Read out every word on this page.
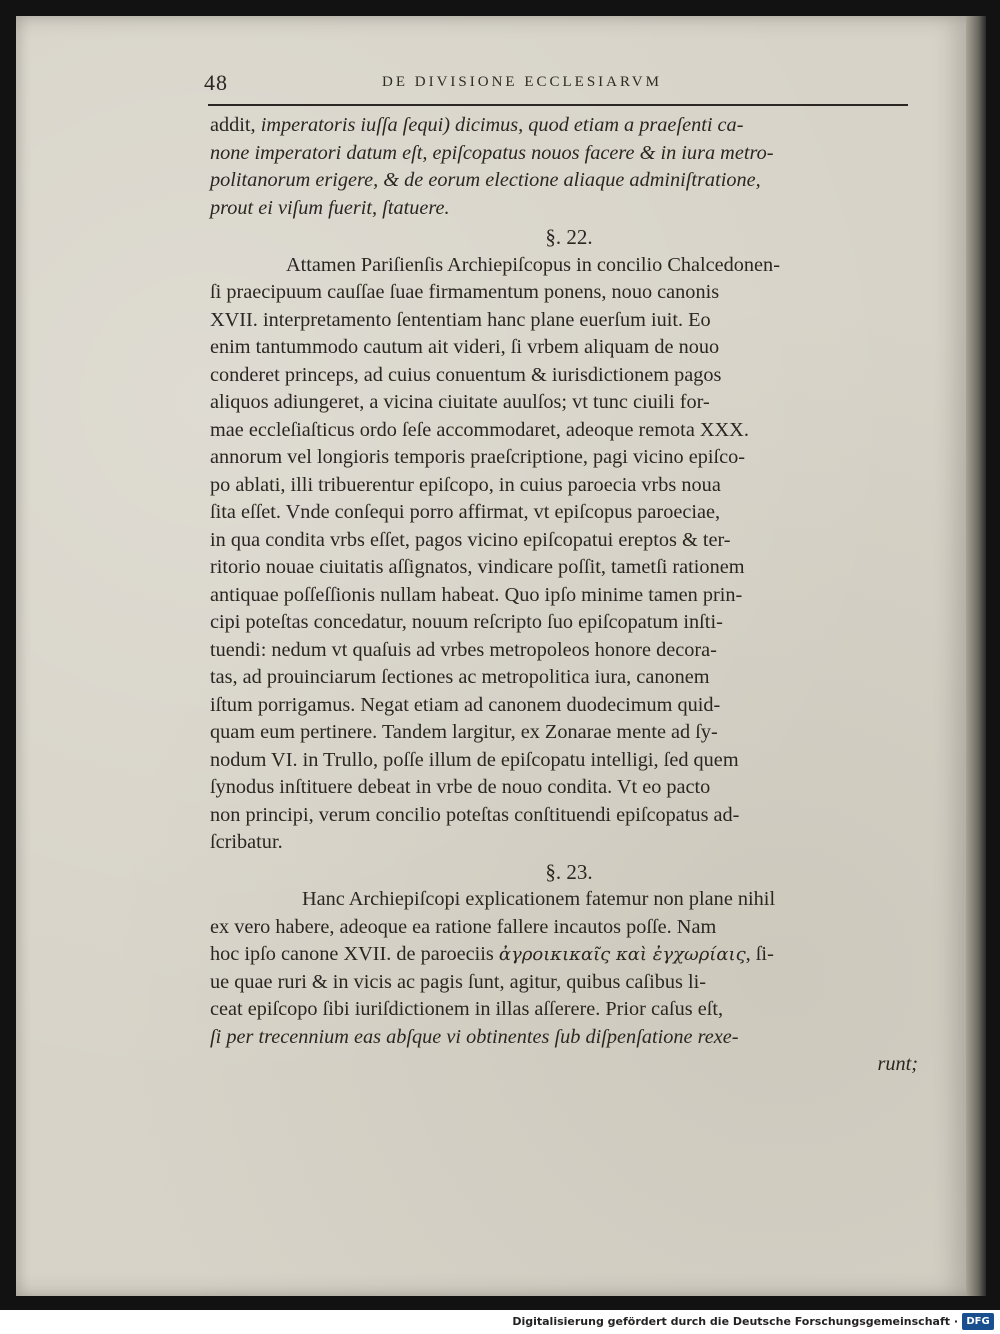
48	DE DIVISIONE ECCLESIARVM
addit, imperatoris iuſſa ſequi) dicimus, quod etiam a praeſenti ca-
none imperatori datum eſt, epiſcopatus nouos facere & in iura metro-
politanorum erigere, & de eorum electione aliaque adminiſtratione,
prout ei viſum fuerit, ſtatuere.
§. 22.
Attamen Pariſienſis Archiepiſcopus in concilio Chalcedonen-
ſi praecipuum cauſſae ſuae firmamentum ponens, nouo canonis
XVII. interpretamento ſententiam hanc plane euerſum iuit. Eo
enim tantummodo cautum ait videri, ſi vrbem aliquam de nouo
conderet princeps, ad cuius conuentum & iurisdictionem pagos
aliquos adiungeret, a vicina ciuitate auulſos; vt tunc ciuili for-
mae eccleſiaſticus ordo ſeſe accommodaret, adeoque remota XXX.
annorum vel longioris temporis praeſcriptione, pagi vicino epiſco-
po ablati, illi tribuerentur epiſcopo, in cuius paroecia vrbs noua
ſita eſſet. Vnde conſequi porro affirmat, vt epiſcopus paroeciae,
in qua condita vrbs eſſet, pagos vicino epiſcopatui ereptos & ter-
ritorio nouae ciuitatis aſſignatos, vindicare poſſit, tametſi rationem
antiquae poſſeſſionis nullam habeat. Quo ipſo minime tamen prin-
cipi poteſtas concedatur, nouum reſcripto ſuo epiſcopatum inſti-
tuendi: nedum vt quaſuis ad vrbes metropoleos honore decora-
tas, ad prouinciarum ſectiones ac metropolitica iura, canonem
iſtum porrigamus. Negat etiam ad canonem duodecimum quid-
quam eum pertinere. Tandem largitur, ex Zonarae mente ad ſy-
nodum VI. in Trullo, poſſe illum de epiſcopatu intelligi, ſed quem
ſynodus inſtituere debeat in vrbe de nouo condita. Vt eo pacto
non principi, verum concilio poteſtas conſtituendi epiſcopatus ad-
ſcribatur.
§. 23.
Hanc Archiepiſcopi explicationem fatemur non plane nihil
ex vero habere, adeoque ea ratione fallere incautos poſſe. Nam
hoc ipſo canone XVII. de paroeciis ἀγροικικαῖς καὶ ἐγχωρίαις, ſi-
ue quae ruri & in vicis ac pagis ſunt, agitur, quibus caſibus li-
ceat epiſcopo ſibi iuriſdictionem in illas aſſerere. Prior caſus eſt,
ſi per trecennium eas abſque vi obtinentes ſub diſpenſatione rexe-
runt;
Digitalisierung gefördert durch die Deutsche Forschungsgemeinschaft · DFG
